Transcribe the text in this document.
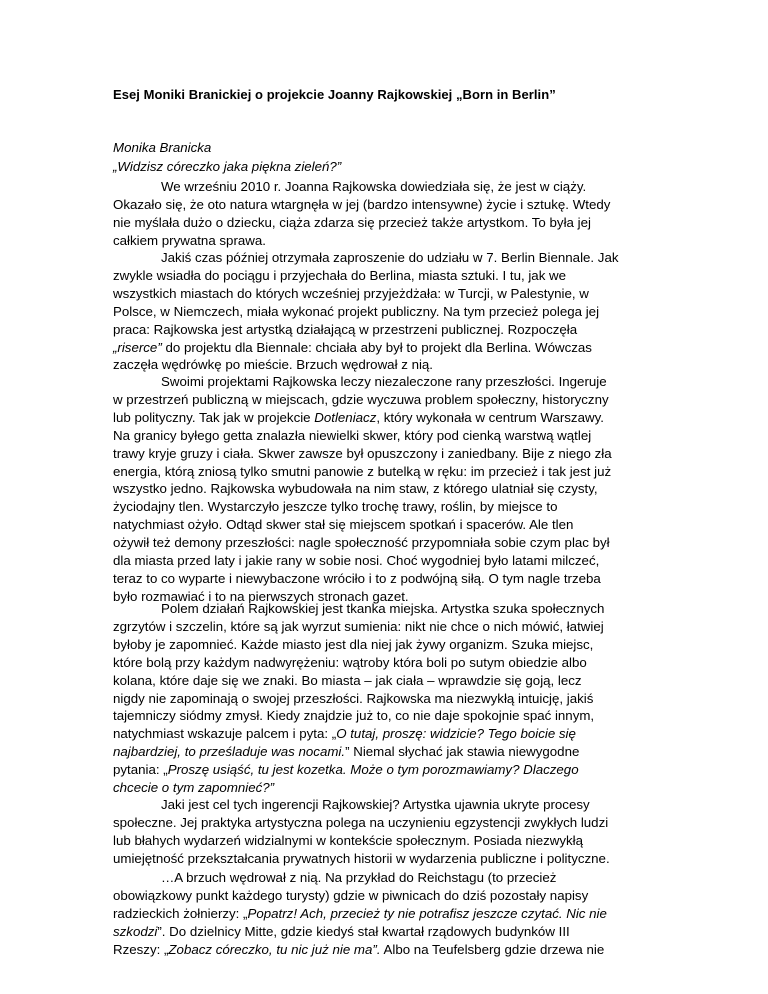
Esej Moniki Branickiej o projekcie Joanny Rajkowskiej „Born in Berlin”
Monika Branicka
„Widzisz córeczko jaka piękna zieleń?”
We wrześniu 2010 r. Joanna Rajkowska dowiedziała się, że jest w ciąży.
Okazało się, że oto natura wtargnęła w jej (bardzo intensywne) życie i sztukę. Wtedy
nie myślała dużo o dziecku, ciąża zdarza się przecież także artystkom. To była jej
całkiem prywatna sprawa.
Jakiś czas później otrzymała zaproszenie do udziału w 7. Berlin Biennale. Jak
zwykle wsiadła do pociągu i przyjechała do Berlina, miasta sztuki. I tu, jak we
wszystkich miastach do których wcześniej przyjeżdżała: w Turcji, w Palestynie, w
Polsce, w Niemczech, miała wykonać projekt publiczny. Na tym przecież polega jej
praca: Rajkowska jest artystką działającą w przestrzeni publicznej. Rozpoczęła
„riserce” do projektu dla Biennale: chciała aby był to projekt dla Berlina. Wówczas
zaczęła wędrówkę po mieście. Brzuch wędrował z nią.
Swoimi projektami Rajkowska leczy niezaleczone rany przeszłości. Ingeruje
w przestrzeń publiczną w miejscach, gdzie wyczuwa problem społeczny, historyczny
lub polityczny. Tak jak w projekcie Dotleniacz, który wykonała w centrum Warszawy.
Na granicy byłego getta znalazła niewielki skwer, który pod cienką warstwą wątlej
trawy kryje gruzy i ciała. Skwer zawsze był opuszczony i zaniedbany. Bije z niego zła
energia, którą zniosą tylko smutni panowie z butelką w ręku: im przecież i tak jest już
wszystko jedno. Rajkowska wybudowała na nim staw, z którego ulatniał się czysty,
życiodajny tlen. Wystarczyło jeszcze tylko trochę trawy, roślin, by miejsce to
natychmiast ożyło. Odtąd skwer stał się miejscem spotkań i spacerów. Ale tlen
ożywił też demony przeszłości: nagle społeczność przypomniała sobie czym plac był
dla miasta przed laty i jakie rany w sobie nosi. Choć wygodniej było latami milczeć,
teraz to co wyparte i niewybaczone wróciło i to z podwójną siłą. O tym nagle trzeba
było rozmawiać i to na pierwszych stronach gazet.
Polem działań Rajkowskiej jest tkanka miejska. Artystka szuka społecznych
zgrzytów i szczelin, które są jak wyrzut sumienia: nikt nie chce o nich mówić, łatwiej
byłoby je zapomnieć. Każde miasto jest dla niej jak żywy organizm. Szuka miejsc,
które bolą przy każdym nadwyrężeniu: wątroby która boli po sutym obiedzie albo
kolana, które daje się we znaki. Bo miasta – jak ciała – wprawdzie się goją, lecz
nigdy nie zapominają o swojej przeszłości. Rajkowska ma niezwykłą intuicję, jakiś
tajemniczy siódmy zmysł. Kiedy znajdzie już to, co nie daje spokojnie spać innym,
natychmiast wskazuje palcem i pyta: „O tutaj, proszę: widzicie? Tego boicie się
najbardziej, to prześladuje was nocami.” Niemal słychać jak stawia niewygodne
pytania: „Proszę usiąść, tu jest kozetka. Może o tym porozmawiamy? Dlaczego
chcecie o tym zapomnieć?”
Jaki jest cel tych ingerencji Rajkowskiej? Artystka ujawnia ukryte procesy
społeczne. Jej praktyka artystyczna polega na uczynieniu egzystencji zwykłych ludzi
lub błahych wydarzeń widzialnymi w kontekście społecznym. Posiada niezwykłą
umiejętność przekształcania prywatnych historii w wydarzenia publiczne i polityczne.
…A brzuch wędrował z nią. Na przykład do Reichstagu (to przecież
obowiązkowy punkt każdego turysty) gdzie w piwnicach do dziś pozostały napisy
radzieckich żołnierzy: „Popatrz! Ach, przecież ty nie potrafisz jeszcze czytać. Nic nie
szkodzi”. Do dzielnicy Mitte, gdzie kiedyś stał kwartał rządowych budynków III
Rzeszy: „Zobacz córeczko, tu nic już nie ma”. Albo na Teufelsberg gdzie drzewa nie
